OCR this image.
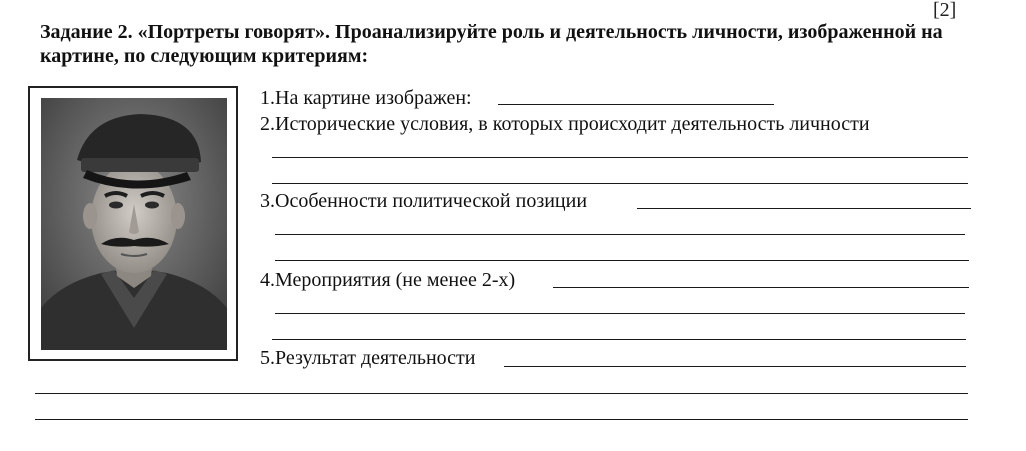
[2]
Задание 2. «Портреты говорят». Проанализируйте роль и деятельность личности, изображенной на картине, по следующим критериям:
1.На картине изображен:
2.Исторические условия, в которых происходит деятельность личности
3.Особенности политической позиции
4.Мероприятия (не менее 2-х)
5.Результат деятельности
